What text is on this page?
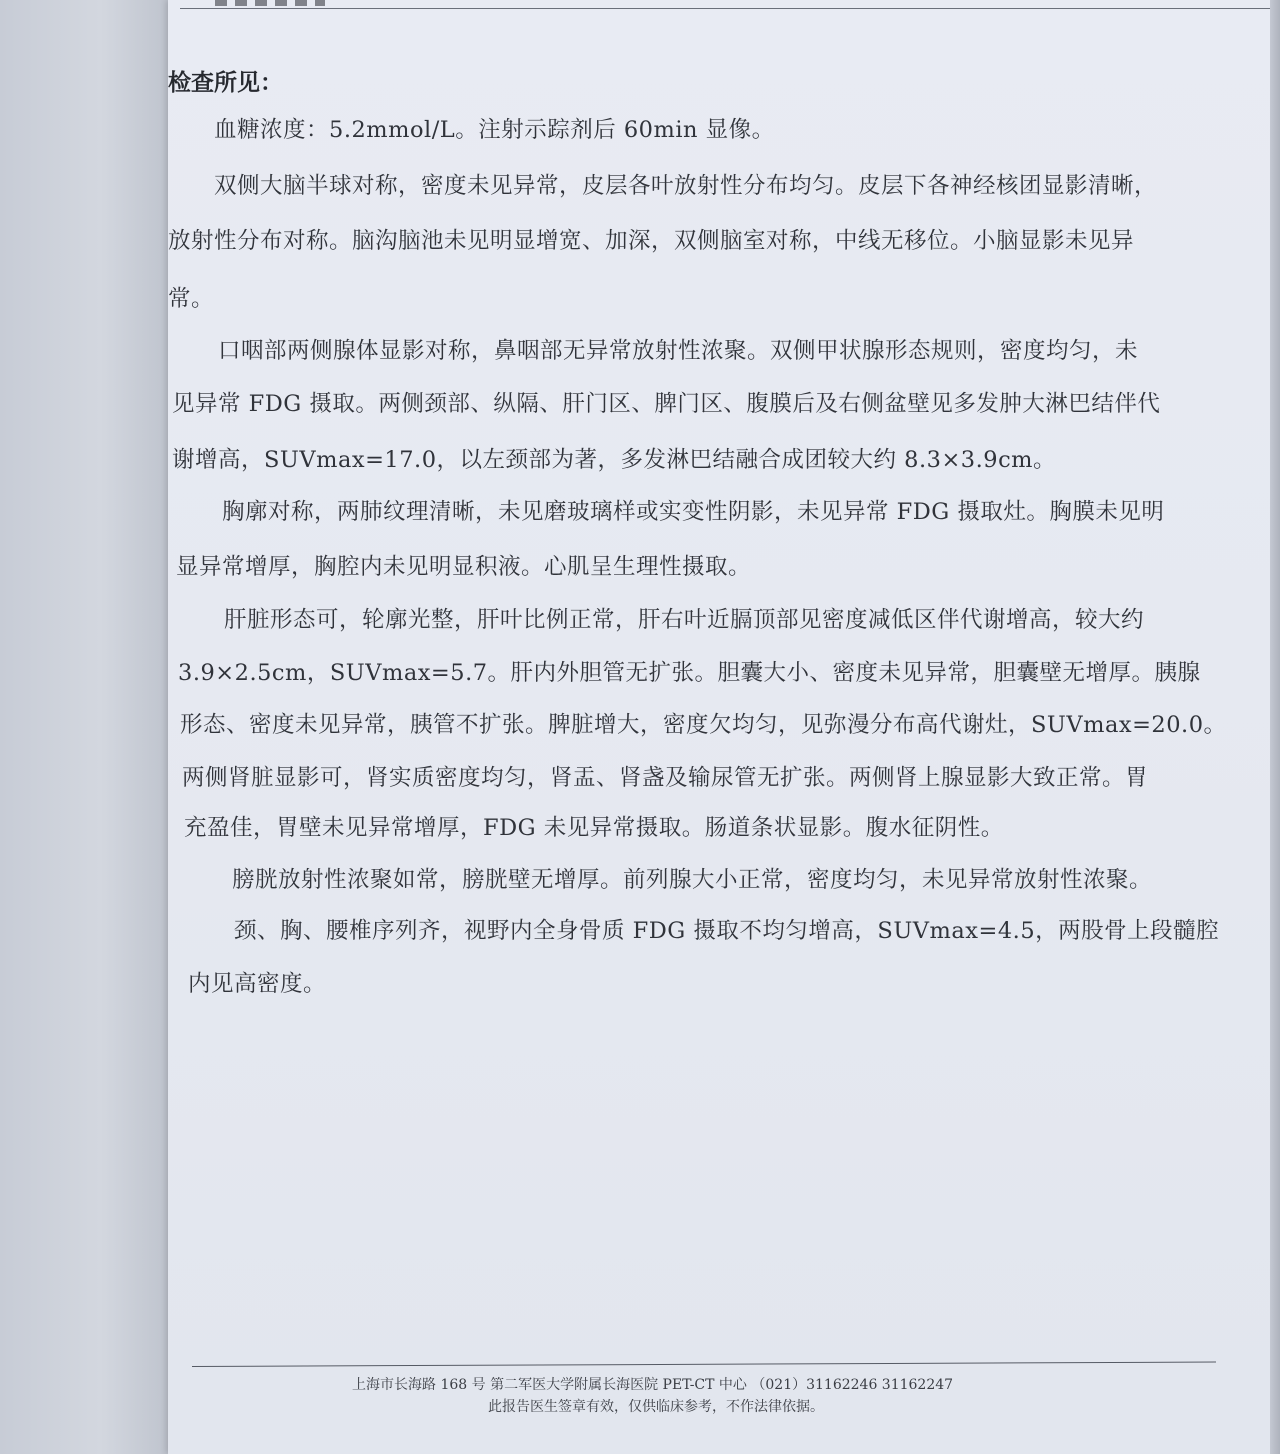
检查所见：
血糖浓度：5.2mmol/L。注射示踪剂后 60min 显像。
双侧大脑半球对称，密度未见异常，皮层各叶放射性分布均匀。皮层下各神经核团显影清晰，
放射性分布对称。脑沟脑池未见明显增宽、加深，双侧脑室对称，中线无移位。小脑显影未见异
常。
口咽部两侧腺体显影对称，鼻咽部无异常放射性浓聚。双侧甲状腺形态规则，密度均匀，未
见异常 FDG 摄取。两侧颈部、纵隔、肝门区、脾门区、腹膜后及右侧盆壁见多发肿大淋巴结伴代
谢增高，SUVmax=17.0，以左颈部为著，多发淋巴结融合成团较大约 8.3×3.9cm。
胸廓对称，两肺纹理清晰，未见磨玻璃样或实变性阴影，未见异常 FDG 摄取灶。胸膜未见明
显异常增厚，胸腔内未见明显积液。心肌呈生理性摄取。
肝脏形态可，轮廓光整，肝叶比例正常，肝右叶近膈顶部见密度减低区伴代谢增高，较大约
3.9×2.5cm，SUVmax=5.7。肝内外胆管无扩张。胆囊大小、密度未见异常，胆囊壁无增厚。胰腺
形态、密度未见异常，胰管不扩张。脾脏增大，密度欠均匀，见弥漫分布高代谢灶，SUVmax=20.0。
两侧肾脏显影可，肾实质密度均匀，肾盂、肾盏及输尿管无扩张。两侧肾上腺显影大致正常。胃
充盈佳，胃壁未见异常增厚，FDG 未见异常摄取。肠道条状显影。腹水征阴性。
膀胱放射性浓聚如常，膀胱壁无增厚。前列腺大小正常，密度均匀，未见异常放射性浓聚。
颈、胸、腰椎序列齐，视野内全身骨质 FDG 摄取不均匀增高，SUVmax=4.5，两股骨上段髓腔
内见高密度。
上海市长海路 168 号 第二军医大学附属长海医院 PET-CT 中心 （021）31162246 31162247
此报告医生签章有效，仅供临床参考，不作法律依据。
